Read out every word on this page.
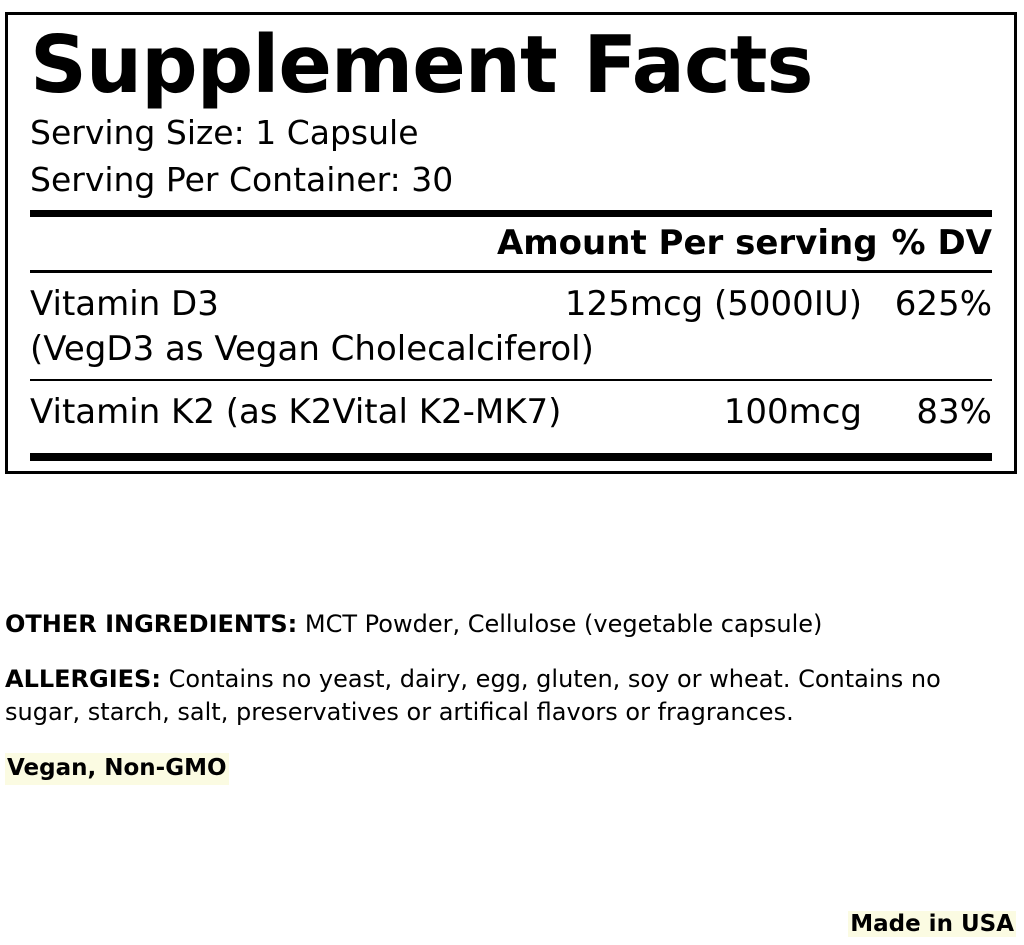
Supplement Facts
Serving Size: 1 Capsule
Serving Per Container: 30
Amount Per serving % DV
Vitamin D3	125mcg (5000IU) 625%
(VegD3 as Vegan Cholecalciferol)
Vitamin K2 (as K2Vital K2-MK7)	100mcg	83%

OTHER INGREDIENTS: MCT Powder, Cellulose (vegetable capsule)

ALLERGIES: Contains no yeast, dairy, egg, gluten, soy or wheat. Contains no sugar, starch, salt, preservatives or artifical flavors or fragrances.

Vegan, Non-GMO

Made in USA
